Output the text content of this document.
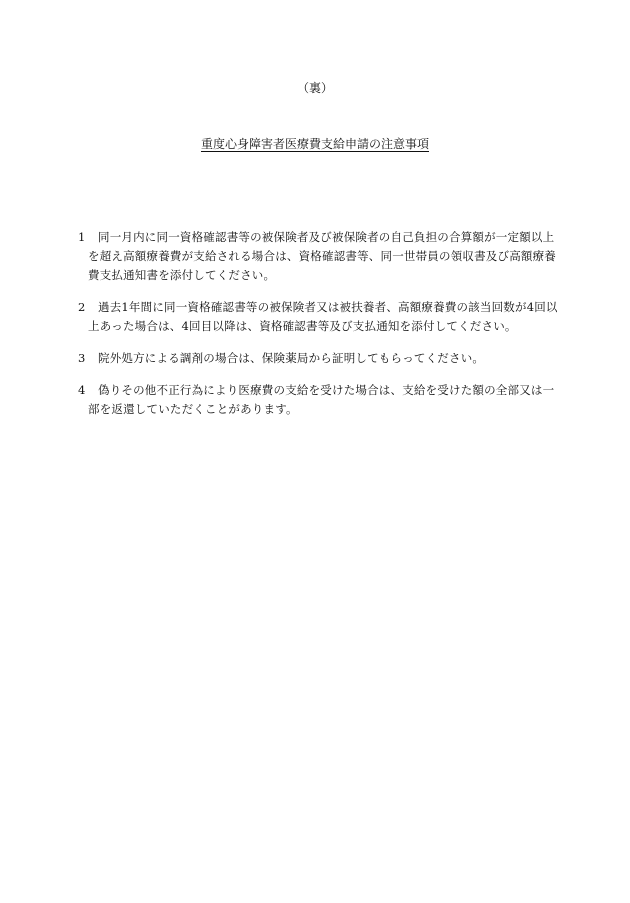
（裏）
重度心身障害者医療費支給申請の注意事項
1	同一月内に同一資格確認書等の被保険者及び被保険者の自己負担の合算額が一定額以上を超え高額療養費が支給される場合は、資格確認書等、同一世帯員の領収書及び高額療養費支払通知書を添付してください。
2	過去1年間に同一資格確認書等の被保険者又は被扶養者、高額療養費の該当回数が4回以上あった場合は、4回目以降は、資格確認書等及び支払通知を添付してください。
3	院外処方による調剤の場合は、保険薬局から証明してもらってください。
4	偽りその他不正行為により医療費の支給を受けた場合は、支給を受けた額の全部又は一部を返還していただくことがあります。
